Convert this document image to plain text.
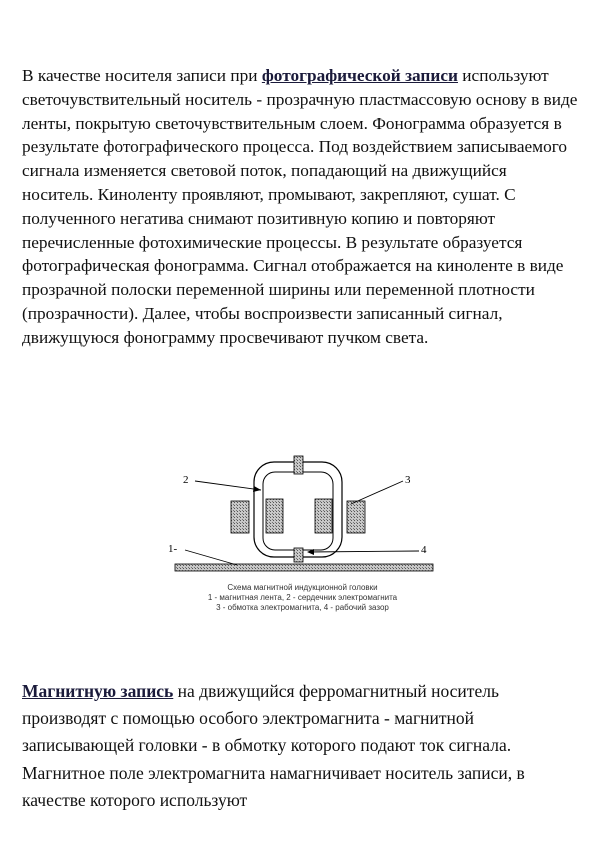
В качестве носителя записи при фотографической записи используют светочувствительный носитель - прозрачную пластмассовую основу в виде ленты, покрытую светочувствительным слоем. Фонограмма образуется в результате фотографического процесса. Под воздействием записываемого сигнала изменяется световой поток, попадающий на движущийся носитель. Киноленту проявляют, промывают, закрепляют, сушат. С полученного негатива снимают позитивную копию и повторяют перечисленные фотохимические процессы. В результате образуется фотографическая фонограмма. Сигнал отображается на киноленте в виде прозрачной полоски переменной ширины или переменной плотности (прозрачности). Далее, чтобы воспроизвести записанный сигнал, движущуюся фонограмму просвечивают пучком света.
2	3
1-	4
Схема магнитной индукционной головки
1 - магнитная лента, 2 - сердечник электромагнита
3 - обмотка электромагнита, 4 - рабочий зазор
Магнитную запись на движущийся ферромагнитный носитель производят с помощью особого электромагнита - магнитной записывающей головки - в обмотку которого подают ток сигнала. Магнитное поле электромагнита намагничивает носитель записи, в качестве которого используют
